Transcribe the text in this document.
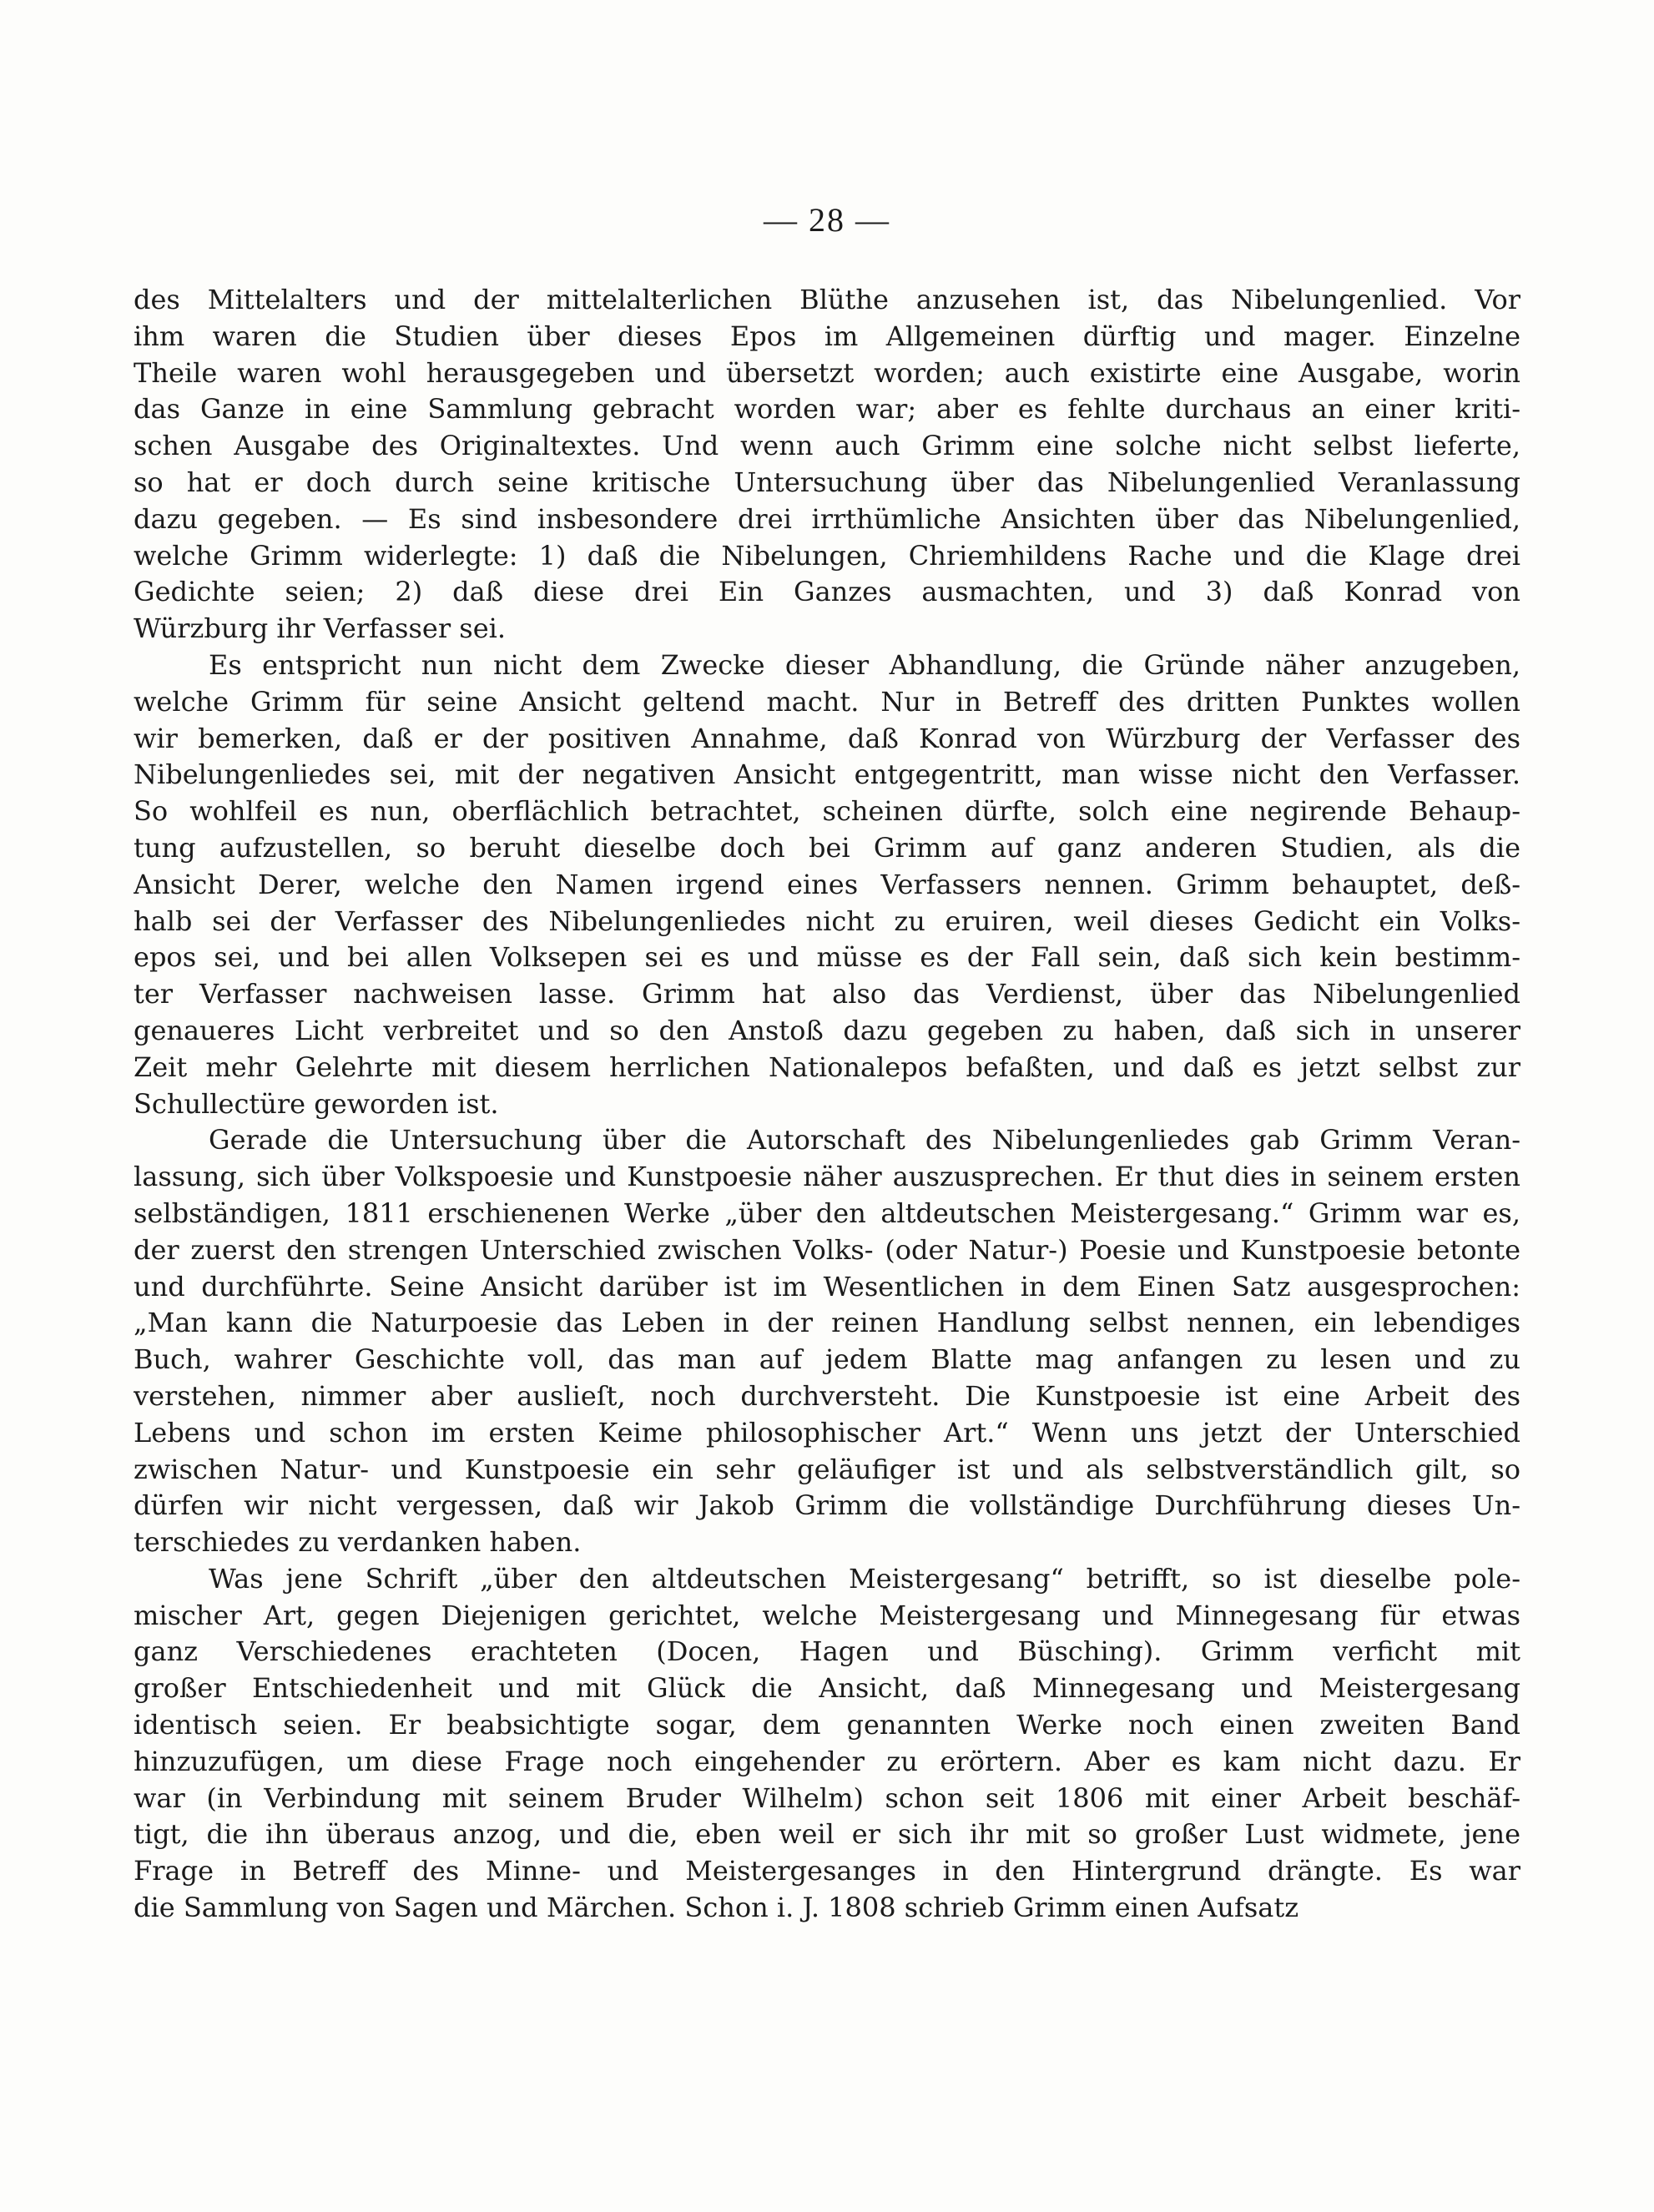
— 28 —
des Mittelalters und der mittelalterlichen Blüthe anzusehen ist, das Nibelungenlied. Vor
ihm waren die Studien über dieses Epos im Allgemeinen dürftig und mager. Einzelne
Theile waren wohl herausgegeben und übersetzt worden; auch existirte eine Ausgabe, worin
das Ganze in eine Sammlung gebracht worden war; aber es fehlte durchaus an einer kriti-
schen Ausgabe des Originaltextes. Und wenn auch Grimm eine solche nicht selbst lieferte,
so hat er doch durch seine kritische Untersuchung über das Nibelungenlied Veranlassung
dazu gegeben. — Es sind insbesondere drei irrthümliche Ansichten über das Nibelungenlied,
welche Grimm widerlegte: 1) daß die Nibelungen, Chriemhildens Rache und die Klage drei
Gedichte seien; 2) daß diese drei Ein Ganzes ausmachten, und 3) daß Konrad von
Würzburg ihr Verfasser sei.
Es entspricht nun nicht dem Zwecke dieser Abhandlung, die Gründe näher anzugeben,
welche Grimm für seine Ansicht geltend macht. Nur in Betreff des dritten Punktes wollen
wir bemerken, daß er der positiven Annahme, daß Konrad von Würzburg der Verfasser des
Nibelungenliedes sei, mit der negativen Ansicht entgegentritt, man wisse nicht den Verfasser.
So wohlfeil es nun, oberflächlich betrachtet, scheinen dürfte, solch eine negirende Behaup-
tung aufzustellen, so beruht dieselbe doch bei Grimm auf ganz anderen Studien, als die
Ansicht Derer, welche den Namen irgend eines Verfassers nennen. Grimm behauptet, deß-
halb sei der Verfasser des Nibelungenliedes nicht zu eruiren, weil dieses Gedicht ein Volks-
epos sei, und bei allen Volksepen sei es und müsse es der Fall sein, daß sich kein bestimm-
ter Verfasser nachweisen lasse. Grimm hat also das Verdienst, über das Nibelungenlied
genaueres Licht verbreitet und so den Anstoß dazu gegeben zu haben, daß sich in unserer
Zeit mehr Gelehrte mit diesem herrlichen Nationalepos befaßten, und daß es jetzt selbst zur
Schullectüre geworden ist.
Gerade die Untersuchung über die Autorschaft des Nibelungenliedes gab Grimm Veran-
lassung, sich über Volkspoesie und Kunstpoesie näher auszusprechen. Er thut dies in seinem ersten
selbständigen, 1811 erschienenen Werke „über den altdeutschen Meistergesang.“ Grimm war es,
der zuerst den strengen Unterschied zwischen Volks- (oder Natur-) Poesie und Kunstpoesie betonte
und durchführte. Seine Ansicht darüber ist im Wesentlichen in dem Einen Satz ausgesprochen:
„Man kann die Naturpoesie das Leben in der reinen Handlung selbst nennen, ein lebendiges
Buch, wahrer Geschichte voll, das man auf jedem Blatte mag anfangen zu lesen und zu
verstehen, nimmer aber auslieſt, noch durchversteht. Die Kunstpoesie ist eine Arbeit des
Lebens und schon im ersten Keime philosophischer Art.“ Wenn uns jetzt der Unterschied
zwischen Natur- und Kunstpoesie ein sehr geläufiger ist und als selbstverständlich gilt, so
dürfen wir nicht vergessen, daß wir Jakob Grimm die vollständige Durchführung dieses Un-
terschiedes zu verdanken haben.
Was jene Schrift „über den altdeutschen Meistergesang“ betrifft, so ist dieselbe pole-
mischer Art, gegen Diejenigen gerichtet, welche Meistergesang und Minnegesang für etwas
ganz Verschiedenes erachteten (Docen, Hagen und Büsching). Grimm verficht mit
großer Entschiedenheit und mit Glück die Ansicht, daß Minnegesang und Meistergesang
identisch seien. Er beabsichtigte sogar, dem genannten Werke noch einen zweiten Band
hinzuzufügen, um diese Frage noch eingehender zu erörtern. Aber es kam nicht dazu. Er
war (in Verbindung mit seinem Bruder Wilhelm) schon seit 1806 mit einer Arbeit beschäf-
tigt, die ihn überaus anzog, und die, eben weil er sich ihr mit so großer Lust widmete, jene
Frage in Betreff des Minne- und Meistergesanges in den Hintergrund drängte. Es war
die Sammlung von Sagen und Märchen. Schon i. J. 1808 schrieb Grimm einen Aufsatz
